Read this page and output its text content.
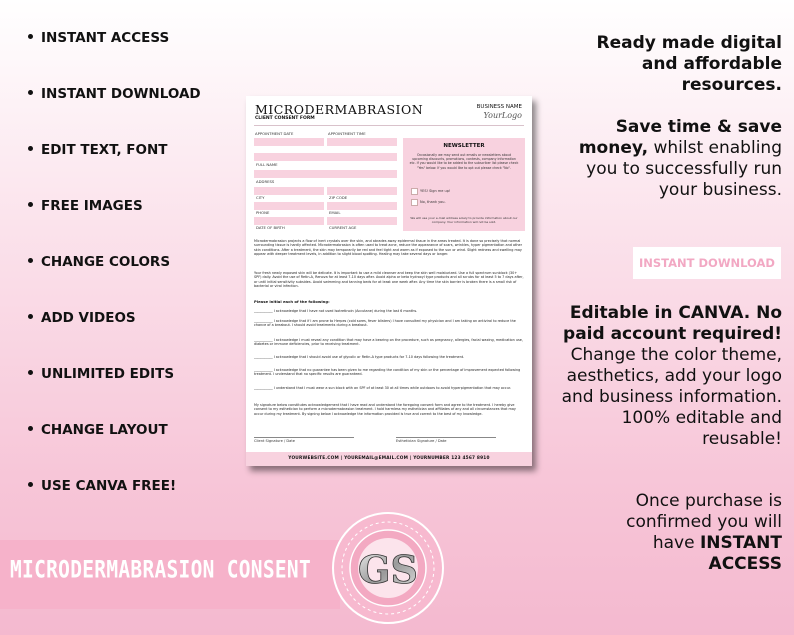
INSTANT ACCESS
INSTANT DOWNLOAD
EDIT TEXT, FONT
FREE IMAGES
CHANGE COLORS
ADD VIDEOS
UNLIMITED EDITS
CHANGE LAYOUT
USE CANVA FREE!
MICRODERMABRASION
CLIENT CONSENT FORM
BUSINESS NAME
YourLogo
APPOINTMENT DATE	APPOINTMENT TIME
FULL NAME
ADDRESS
CITY	ZIP CODE
PHONE	EMAIL
DATE OF BIRTH	CURRENT AGE
NEWSLETTER
Occasionally we may send out emails or newsletters about upcoming discounts, promotions, contests, company information etc. If you would like to be added to the subscriber list please check "Yes" below. If you would like to opt out please check "No".
YES! Sign me up!
No, thank you.
We will use your e-mail address solely to provide information about our company. Your information will not be sold.
Microdermabrasion projects a flow of inert crystals over the skin, and abrades away epidermal tissue in the areas treated. It is done so precisely that normal surrounding tissue is hardly affected. Microdermabrasion is often used to treat acne, reduce the appearance of scars, wrinkles, hyper pigmentation and other skin conditions. After a treatment, the skin may temporarily be red and feel tight and warm as if exposed to the sun or wind. Slight redness and swelling may appear with deeper treatment levels, in addition to slight blood spotting. Healing may take several days or longer.
Your fresh newly exposed skin will be delicate. It is important to use a mild cleanser and keep the skin well moisturized. Use a full spectrum sunblock (30+ SPF) daily. Avoid the use of Retin-A, Renova for at least 7-10 days after. Avoid alpha or beta hydroxyl type products and all scrubs for at least 5 to 7 days after, or until initial sensitivity subsides. Avoid swimming and tanning beds for at least one week after. Any time the skin barrier is broken there is a small risk of bacterial or viral infection.
Please initial each of the following:
___________ I acknowledge that I have not used Isotretinoin (Accutane) during the last 6 months.
___________ I acknowledge that if I am prone to Herpes (cold sores, fever blisters) I have consulted my physician and I am taking an antiviral to reduce the chance of a breakout. I should avoid treatments during a breakout.
___________ I acknowledge I must reveal any condition that may have a bearing on the procedure, such as pregnancy, allergies, facial waxing, medication use, diabetes or immune deficiencies, prior to receiving treatment.
___________ I acknowledge that I should avoid use of glycolic or Retin-A type products for 7-10 days following the treatment.
___________ I acknowledge that no guarantee has been given to me regarding the condition of my skin or the percentage of improvement expected following treatment. I understand that no specific results are guaranteed.
___________ I understand that I must wear a sun block with an SPF of at least 30 at all times while outdoors to avoid hyperpigmentation that may occur.
My signature below constitutes acknowledgement that I have read and understand the foregoing consent form and agree to the treatment. I hereby give consent to my esthetician to perform a microdermabrasion treatment. I hold harmless my esthetician and affiliates of any and all circumstances that may occur during my treatment. By signing below I acknowledge the information provided is true and correct to the best of my knowledge.
Client Signature / Date	Esthetician Signature / Date
YOURWEBSITE.COM | YOUREMAIL@EMAIL.COM | YOURNUMBER 123 4567 8910
Ready made digital and affordable resources.
Save time & save money, whilst enabling you to successfully run your business.
INSTANT DOWNLOAD
Editable in CANVA. No paid account required! Change the color theme, aesthetics, add your logo and business information. 100% editable and reusable!
Once purchase is confirmed you will have INSTANT ACCESS
MICRODERMABRASION CONSENT GS
